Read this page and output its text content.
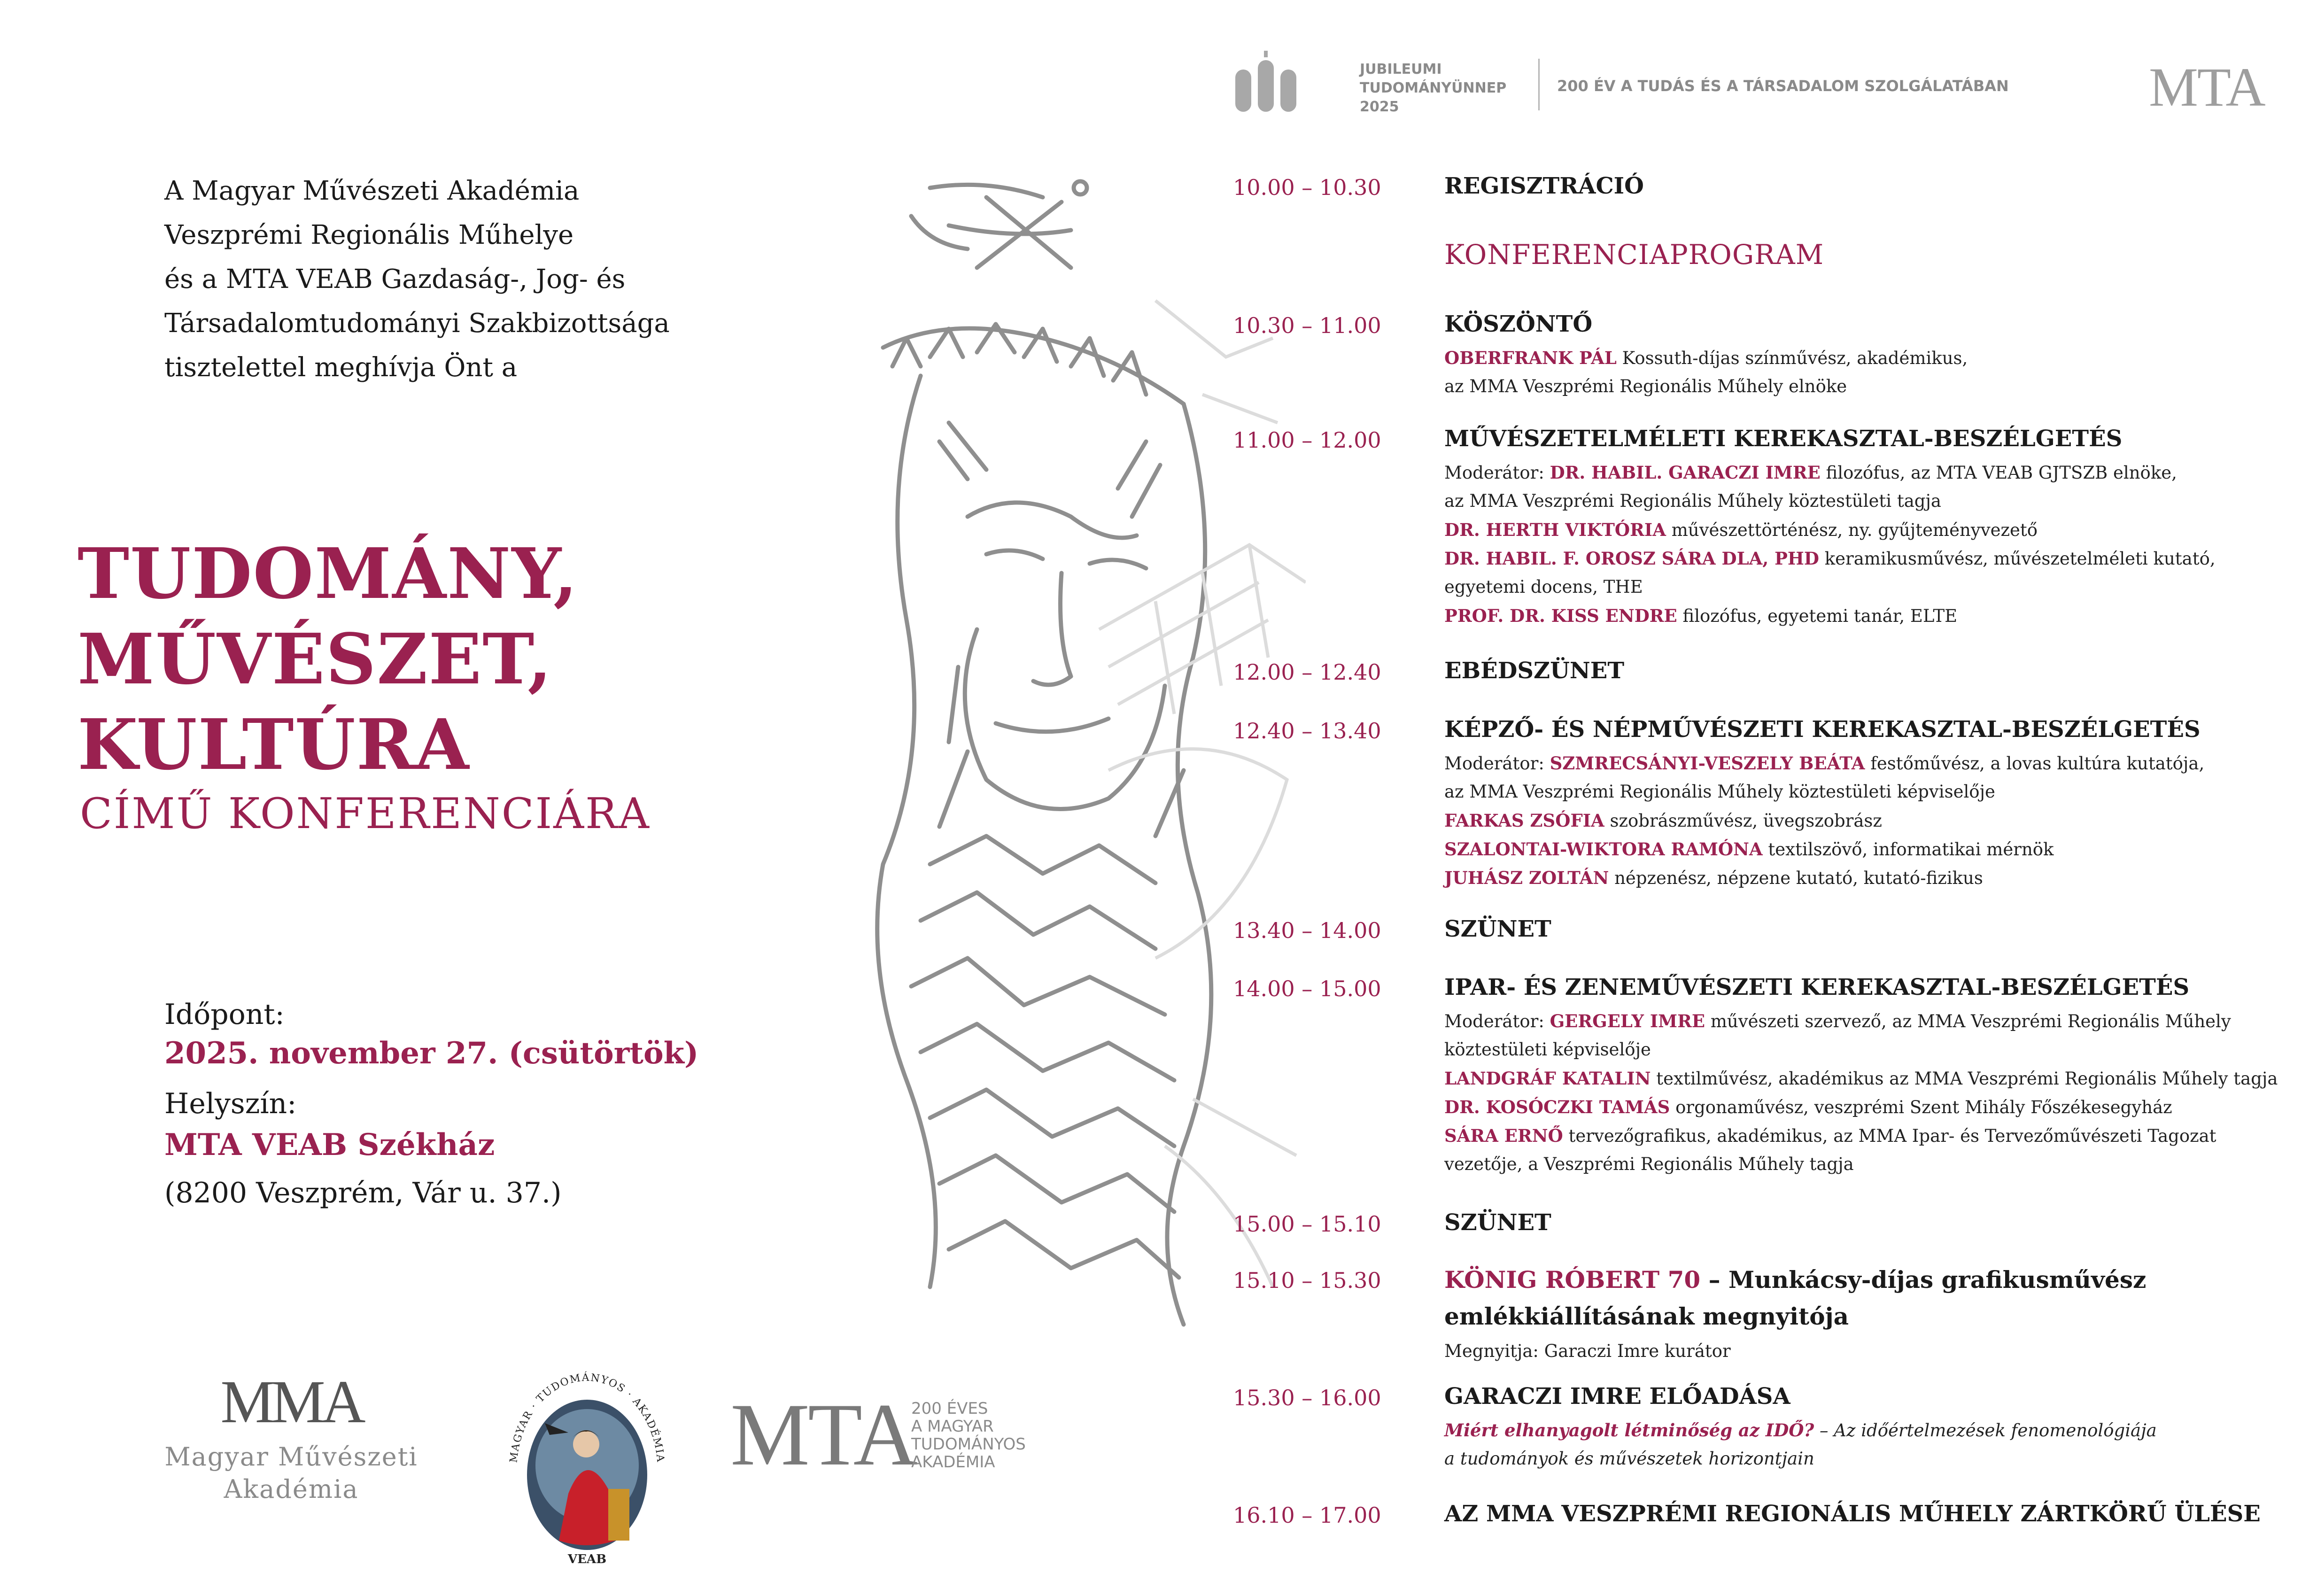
JUBILEUMI
TUDOMÁNYÜNNEP
2025
200 ÉV A TUDÁS ÉS A TÁRSADALOM SZOLGÁLATÁBAN	MTA
A Magyar Művészeti Akadémia
Veszprémi Regionális Műhelye
és a MTA VEAB Gazdaság-, Jog- és
Társadalomtudományi Szakbizottsága
tisztelettel meghívja Önt a
TUDOMÁNY,
MŰVÉSZET,
KULTÚRA
CÍMŰ KONFERENCIÁRA
Időpont:
2025. november 27. (csütörtök)
Helyszín:
MTA VEAB Székház
(8200 Veszprém, Vár u. 37.)
MMA
Magyar Művészeti
Akadémia
MAGYAR · TUDOMÁNYOS · AKADÉMIA
VEAB
MTA
200 ÉVES
A MAGYAR
TUDOMÁNYOS
AKADÉMIA
10.00 – 10.30	REGISZTRÁCIÓ
KONFERENCIAPROGRAM
10.30 – 11.00	KÖSZÖNTŐ
OBERFRANK PÁL Kossuth-díjas színművész, akadémikus,
az MMA Veszprémi Regionális Műhely elnöke
11.00 – 12.00	MŰVÉSZETELMÉLETI KEREKASZTAL-BESZÉLGETÉS
Moderátor: DR. HABIL. GARACZI IMRE filozófus, az MTA VEAB GJTSZB elnöke,
az MMA Veszprémi Regionális Műhely köztestületi tagja
DR. HERTH VIKTÓRIA művészettörténész, ny. gyűjteményvezető
DR. HABIL. F. OROSZ SÁRA DLA, PHD keramikusművész, művészetelméleti kutató,
egyetemi docens, THE
PROF. DR. KISS ENDRE filozófus, egyetemi tanár, ELTE
12.00 – 12.40	EBÉDSZÜNET
12.40 – 13.40	KÉPZŐ- ÉS NÉPMŰVÉSZETI KEREKASZTAL-BESZÉLGETÉS
Moderátor: SZMRECSÁNYI-VESZELY BEÁTA festőművész, a lovas kultúra kutatója,
az MMA Veszprémi Regionális Műhely köztestületi képviselője
FARKAS ZSÓFIA szobrászművész, üvegszobrász
SZALONTAI-WIKTORA RAMÓNA textilszövő, informatikai mérnök
JUHÁSZ ZOLTÁN népzenész, népzene kutató, kutató-fizikus
13.40 – 14.00	SZÜNET
14.00 – 15.00	IPAR- ÉS ZENEMŰVÉSZETI KEREKASZTAL-BESZÉLGETÉS
Moderátor: GERGELY IMRE művészeti szervező, az MMA Veszprémi Regionális Műhely
köztestületi képviselője
LANDGRÁF KATALIN textilművész, akadémikus az MMA Veszprémi Regionális Műhely tagja
DR. KOSÓCZKI TAMÁS orgonaművész, veszprémi Szent Mihály Főszékesegyház
SÁRA ERNŐ tervezőgrafikus, akadémikus, az MMA Ipar- és Tervezőművészeti Tagozat
vezetője, a Veszprémi Regionális Műhely tagja
15.00 – 15.10	SZÜNET
15.10 – 15.30	KÖNIG RÓBERT 70 – Munkácsy-díjas grafikusművész
emlékkiállításának megnyitója
Megnyitja: Garaczi Imre kurátor
15.30 – 16.00	GARACZI IMRE ELŐADÁSA
Miért elhanyagolt létminőség az IDŐ? – Az időértelmezések fenomenológiája
a tudományok és művészetek horizontjain
16.10 – 17.00	AZ MMA VESZPRÉMI REGIONÁLIS MŰHELY ZÁRTKÖRŰ ÜLÉSE
